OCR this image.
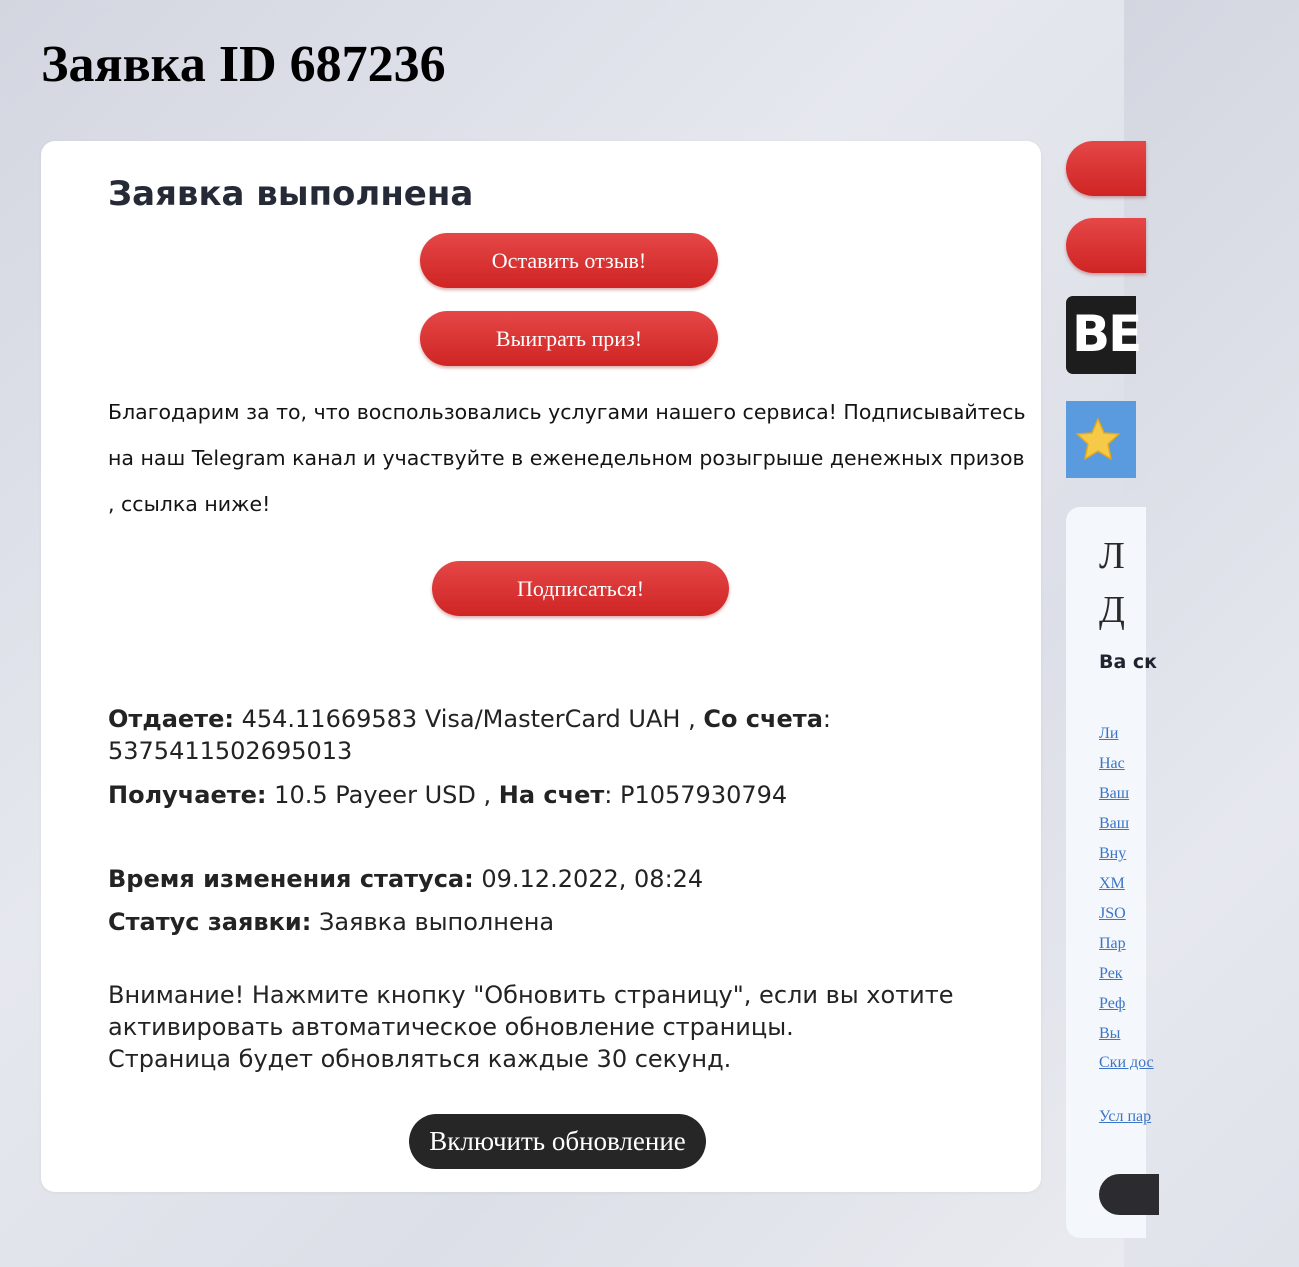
Заявка ID 687236
Заявка выполнена
Оставить отзыв!
Выиграть приз!

Благодарим за то, что воспользовались услугами нашего сервиса! Подписывайтесь на наш Telegram канал и участвуйте в еженедельном розыгрыше денежных призов , ссылка ниже!

Подписаться!

Отдаете: 454.11669583 Visa/MasterCard UAH , Со счета:

5375411502695013

Получаете: 10.5 Payeer USD , На счет: P1057930794

Время изменения статуса: 09.12.2022, 08:24

Статус заявки: Заявка выполнена

Внимание! Нажмите кнопку "Обновить страницу", если вы хотите

активировать автоматическое обновление страницы.

Страница будет обновляться каждые 30 секунд.

Включить обновление
BE

Л
Д

Ва ск

Ли
Нас
Ваш
Ваш
Вну
XM
JSO
Пар
Рек
Реф
Вы
Ски дос
Усл пар
